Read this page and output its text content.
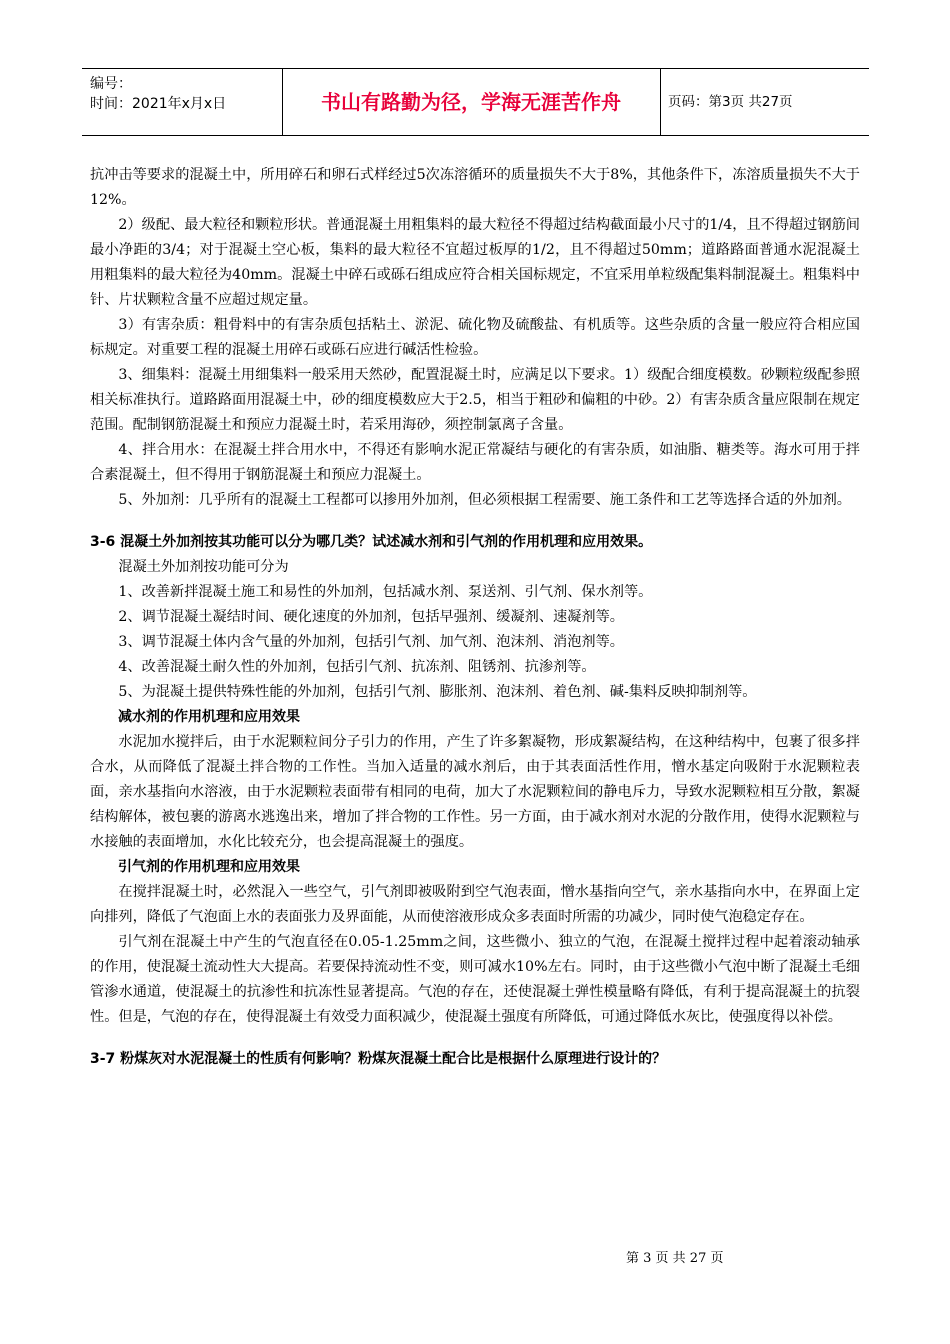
编号：
时间：2021年x月x日	书山有路勤为径，学海无涯苦作舟	页码：第3页 共27页

抗冲击等要求的混凝土中，所用碎石和卵石式样经过5次冻溶循环的质量损失不大于8%，其他条件下，冻溶质量损失不大于12%。

2）级配、最大粒径和颗粒形状。普通混凝土用粗集料的最大粒径不得超过结构截面最小尺寸的1/4，且不得超过钢筋间最小净距的3/4；对于混凝土空心板，集料的最大粒径不宜超过板厚的1/2，且不得超过50mm；道路路面普通水泥混凝土用粗集料的最大粒径为40mm。混凝土中碎石或砾石组成应符合相关国标规定，不宜采用单粒级配集料制混凝土。粗集料中针、片状颗粒含量不应超过规定量。

3）有害杂质：粗骨料中的有害杂质包括粘土、淤泥、硫化物及硫酸盐、有机质等。这些杂质的含量一般应符合相应国标规定。对重要工程的混凝土用碎石或砾石应进行碱活性检验。

3、细集料：混凝土用细集料一般采用天然砂，配置混凝土时，应满足以下要求。1）级配合细度模数。砂颗粒级配参照相关标准执行。道路路面用混凝土中，砂的细度模数应大于2.5，相当于粗砂和偏粗的中砂。2）有害杂质含量应限制在规定范围。配制钢筋混凝土和预应力混凝土时，若采用海砂，须控制氯离子含量。

4、拌合用水：在混凝土拌合用水中，不得还有影响水泥正常凝结与硬化的有害杂质，如油脂、糖类等。海水可用于拌合素混凝土，但不得用于钢筋混凝土和预应力混凝土。

5、外加剂：几乎所有的混凝土工程都可以掺用外加剂，但必须根据工程需要、施工条件和工艺等选择合适的外加剂。

3-6 混凝土外加剂按其功能可以分为哪几类？试述减水剂和引气剂的作用机理和应用效果。

混凝土外加剂按功能可分为

1、改善新拌混凝土施工和易性的外加剂，包括减水剂、泵送剂、引气剂、保水剂等。

2、调节混凝土凝结时间、硬化速度的外加剂，包括早强剂、缓凝剂、速凝剂等。

3、调节混凝土体内含气量的外加剂，包括引气剂、加气剂、泡沫剂、消泡剂等。

4、改善混凝土耐久性的外加剂，包括引气剂、抗冻剂、阻锈剂、抗渗剂等。

5、为混凝土提供特殊性能的外加剂，包括引气剂、膨胀剂、泡沫剂、着色剂、碱-集料反映抑制剂等。

减水剂的作用机理和应用效果

水泥加水搅拌后，由于水泥颗粒间分子引力的作用，产生了许多絮凝物，形成絮凝结构，在这种结构中，包裹了很多拌合水，从而降低了混凝土拌合物的工作性。当加入适量的减水剂后，由于其表面活性作用，憎水基定向吸附于水泥颗粒表面，亲水基指向水溶液，由于水泥颗粒表面带有相同的电荷，加大了水泥颗粒间的静电斥力，导致水泥颗粒相互分散，絮凝结构解体，被包裹的游离水逃逸出来，增加了拌合物的工作性。另一方面，由于减水剂对水泥的分散作用，使得水泥颗粒与水接触的表面增加，水化比较充分，也会提高混凝土的强度。

引气剂的作用机理和应用效果

在搅拌混凝土时，必然混入一些空气，引气剂即被吸附到空气泡表面，憎水基指向空气，亲水基指向水中，在界面上定向排列，降低了气泡面上水的表面张力及界面能，从而使溶液形成众多表面时所需的功减少，同时使气泡稳定存在。

引气剂在混凝土中产生的气泡直径在0.05-1.25mm之间，这些微小、独立的气泡，在混凝土搅拌过程中起着滚动轴承的作用，使混凝土流动性大大提高。若要保持流动性不变，则可减水10%左右。同时，由于这些微小气泡中断了混凝土毛细管渗水通道，使混凝土的抗渗性和抗冻性显著提高。气泡的存在，还使混凝土弹性模量略有降低，有利于提高混凝土的抗裂性。但是，气泡的存在，使得混凝土有效受力面积减少，使混凝土强度有所降低，可通过降低水灰比，使强度得以补偿。

3-7 粉煤灰对水泥混凝土的性质有何影响？粉煤灰混凝土配合比是根据什么原理进行设计的？

第 3 页 共 27 页
